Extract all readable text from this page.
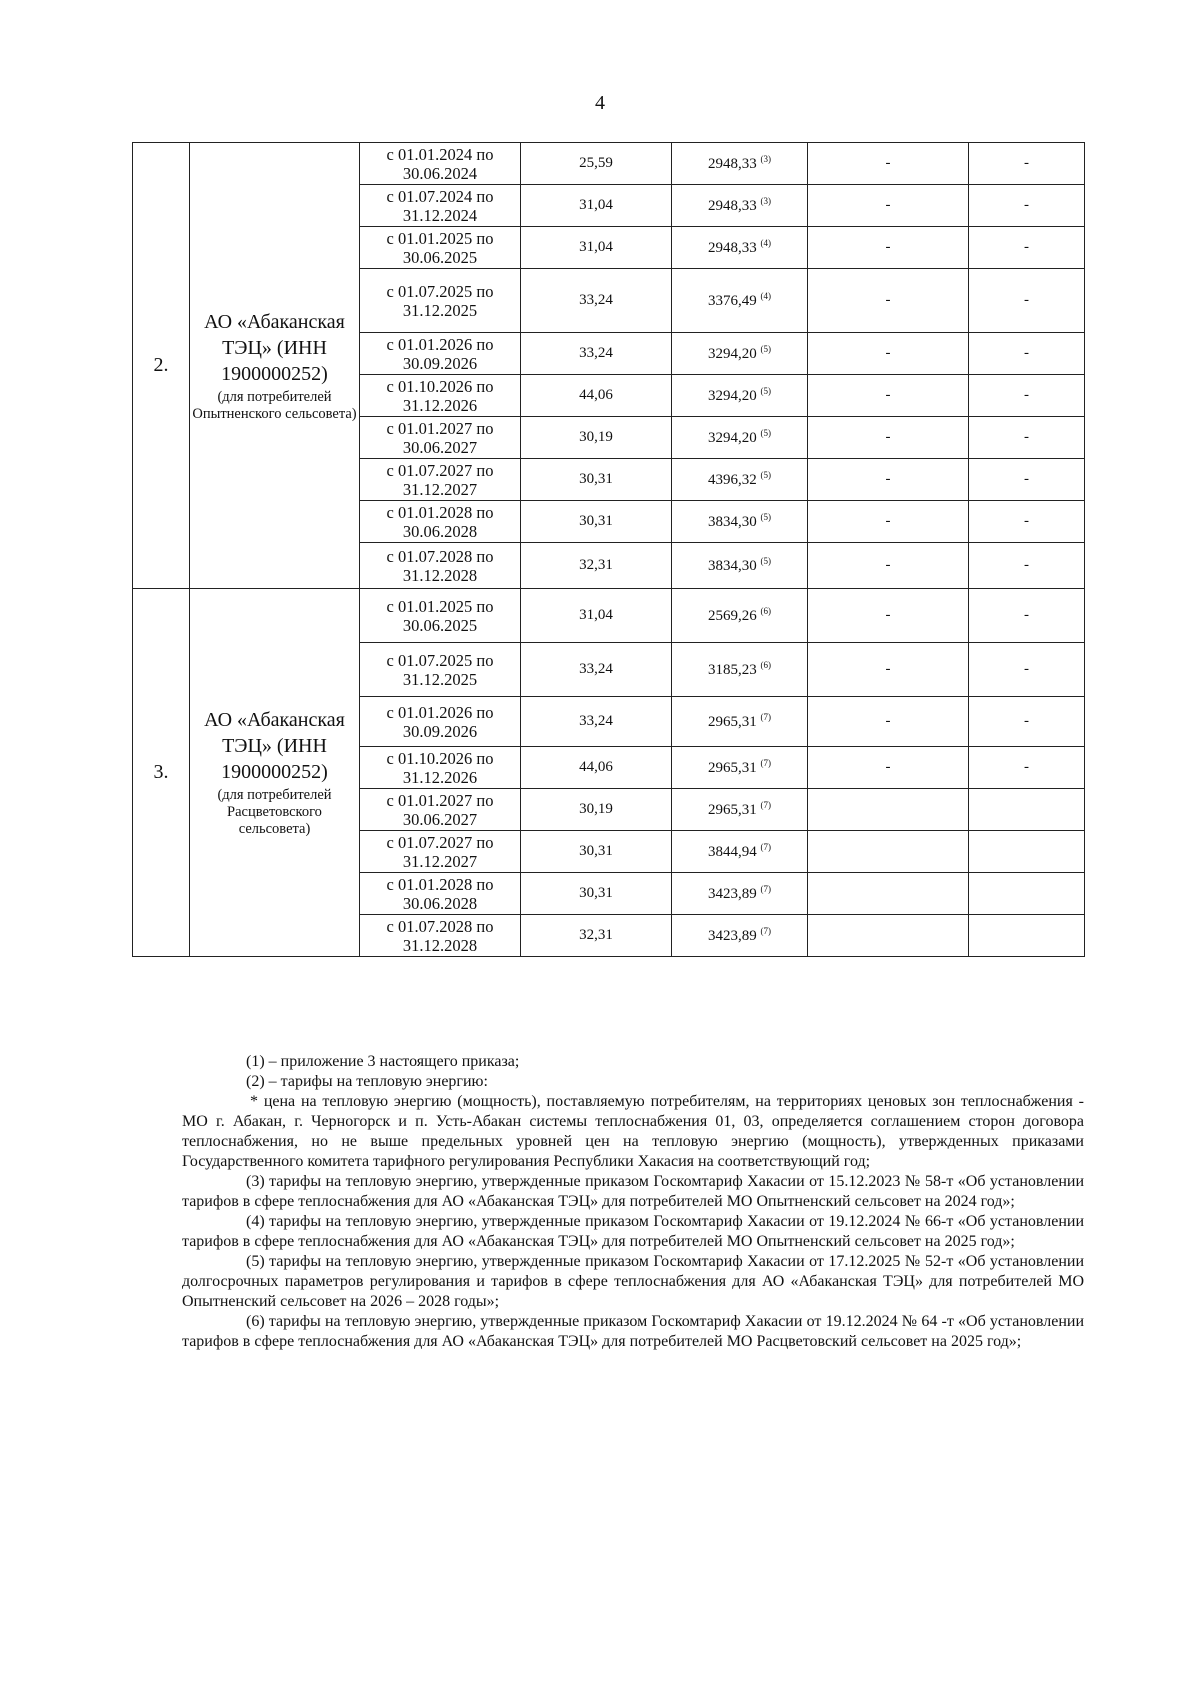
4
2.	АО «Абаканская ТЭЦ» (ИНН 1900000252)
(для потребителей Опытненского сельсовета)	с 01.01.2024 по 30.06.2024	25,59	2948,33 $^{(3)}$	-	-
		с 01.07.2024 по 31.12.2024	31,04	2948,33 $^{(3)}$	-	-
		с 01.01.2025 по 30.06.2025	31,04	2948,33 $^{(4)}$	-	-
		с 01.07.2025 по 31.12.2025	33,24	3376,49 $^{(4)}$	-	-
		с 01.01.2026 по 30.09.2026	33,24	3294,20 $^{(5)}$	-	-
		с 01.10.2026 по 31.12.2026	44,06	3294,20 $^{(5)}$	-	-
		с 01.01.2027 по 30.06.2027	30,19	3294,20 $^{(5)}$	-	-
		с 01.07.2027 по 31.12.2027	30,31	4396,32 $^{(5)}$	-	-
		с 01.01.2028 по 30.06.2028	30,31	3834,30 $^{(5)}$	-	-
		с 01.07.2028 по 31.12.2028	32,31	3834,30 $^{(5)}$	-	-
3.	АО «Абаканская ТЭЦ» (ИНН 1900000252)
(для потребителей Расцветовского сельсовета)	с 01.01.2025 по 30.06.2025	31,04	2569,26 $^{(6)}$	-	-
		с 01.07.2025 по 31.12.2025	33,24	3185,23 $^{(6)}$	-	-
		с 01.01.2026 по 30.09.2026	33,24	2965,31 $^{(7)}$	-	-
		с 01.10.2026 по 31.12.2026	44,06	2965,31 $^{(7)}$	-	-
		с 01.01.2027 по 30.06.2027	30,19	2965,31 $^{(7)}$		
		с 01.07.2027 по 31.12.2027	30,31	3844,94 $^{(7)}$		
		с 01.01.2028 по 30.06.2028	30,31	3423,89 $^{(7)}$		
		с 01.07.2028 по 31.12.2028	32,31	3423,89 $^{(7)}$		

(1) – приложение 3 настоящего приказа;

(2) – тарифы на тепловую энергию:

* цена на тепловую энергию (мощность), поставляемую потребителям, на территориях ценовых зон теплоснабжения - МО г. Абакан, г. Черногорск и п. Усть-Абакан системы теплоснабжения 01, 03, определяется соглашением сторон договора теплоснабжения, но не выше предельных уровней цен на тепловую энергию (мощность), утвержденных приказами Государственного комитета тарифного регулирования Республики Хакасия на соответствующий год;

(3) тарифы на тепловую энергию, утвержденные приказом Госкомтариф Хакасии от 15.12.2023 № 58-т «Об установлении тарифов в сфере теплоснабжения для АО «Абаканская ТЭЦ» для потребителей МО Опытненский сельсовет на 2024 год»;

(4) тарифы на тепловую энергию, утвержденные приказом Госкомтариф Хакасии от 19.12.2024 № 66-т «Об установлении тарифов в сфере теплоснабжения для АО «Абаканская ТЭЦ» для потребителей МО Опытненский сельсовет на 2025 год»;

(5) тарифы на тепловую энергию, утвержденные приказом Госкомтариф Хакасии от 17.12.2025 № 52-т «Об установлении долгосрочных параметров регулирования и тарифов в сфере теплоснабжения для АО «Абаканская ТЭЦ» для потребителей МО Опытненский сельсовет на 2026 – 2028 годы»;

(6) тарифы на тепловую энергию, утвержденные приказом Госкомтариф Хакасии от 19.12.2024 № 64 -т «Об установлении тарифов в сфере теплоснабжения для АО «Абаканская ТЭЦ» для потребителей МО Расцветовский сельсовет на 2025 год»;
